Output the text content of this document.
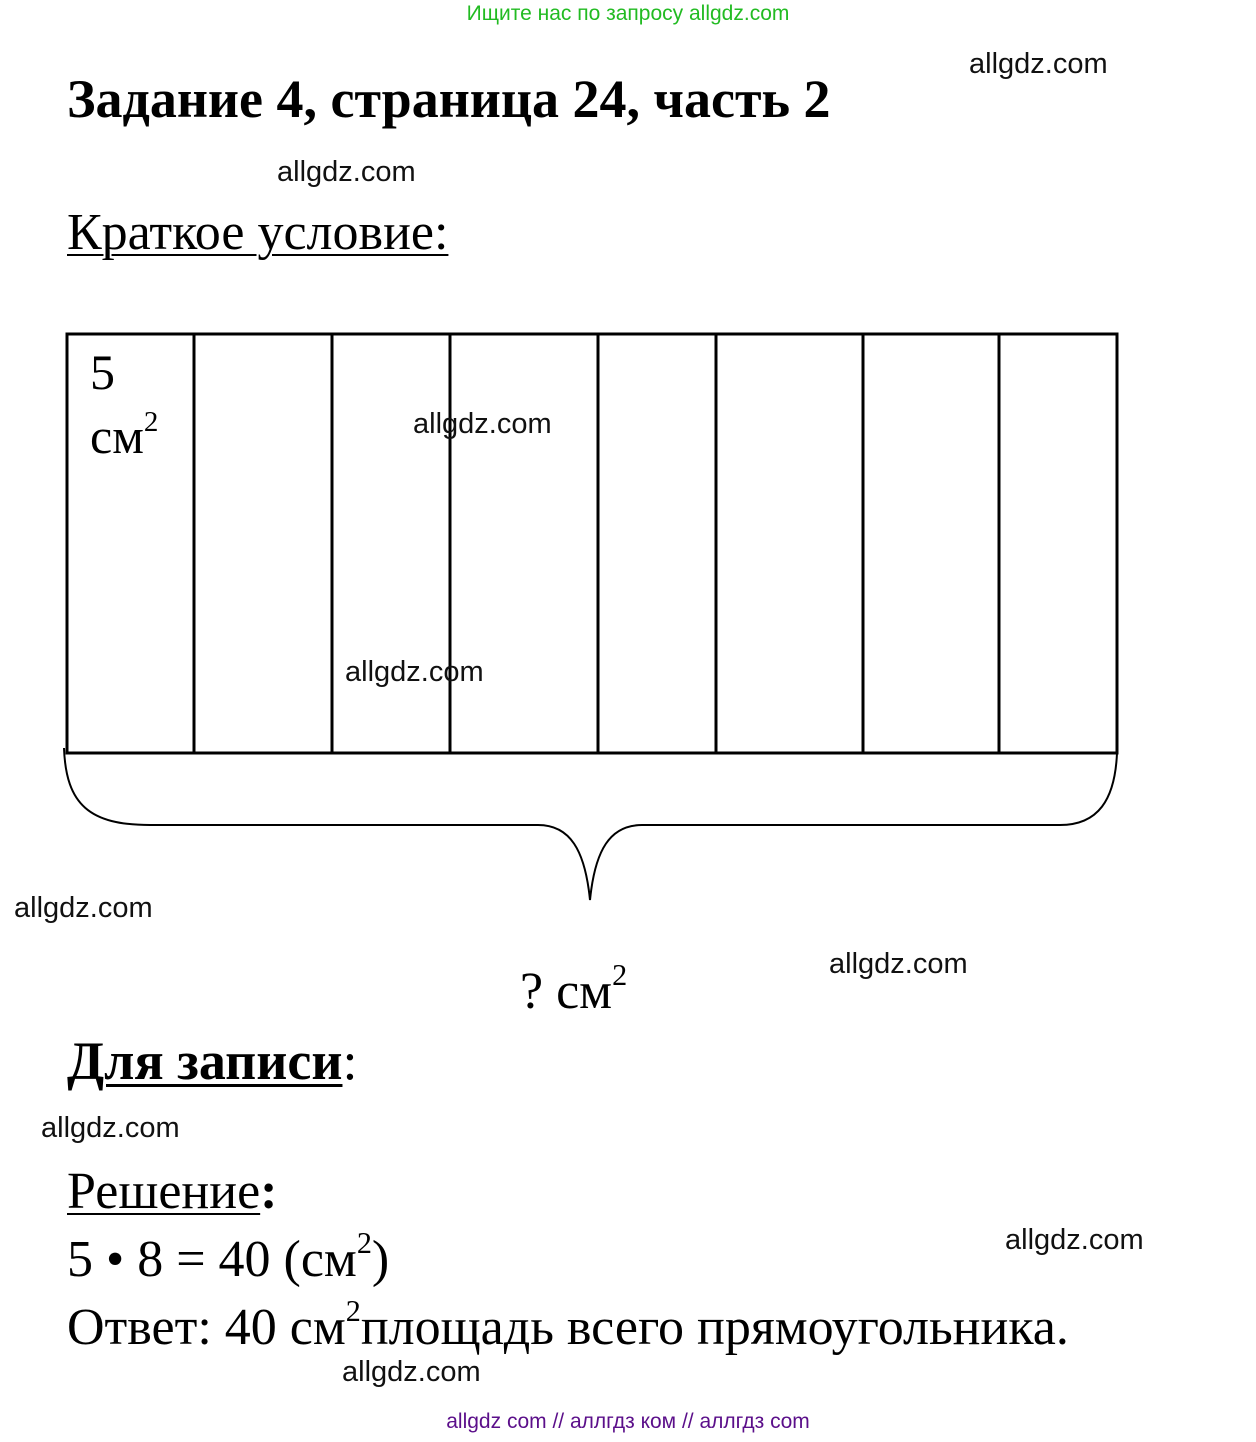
Ищите нас по запросу allgdz.com
Задание 4, страница 24, часть 2
Краткое условие:
5
$см^2$
? $см^2$
Для записи:
Решение:
5 • 8 = 40 $(см^2)$
Ответ: 40 $см^2площадь$ всего прямоугольника.
allgdz.com
allgdz.com
allgdz.com
allgdz.com
allgdz.com
allgdz.com
allgdz.com
allgdz.com
allgdz.com
allgdz com // аллгдз ком // аллгдз com
